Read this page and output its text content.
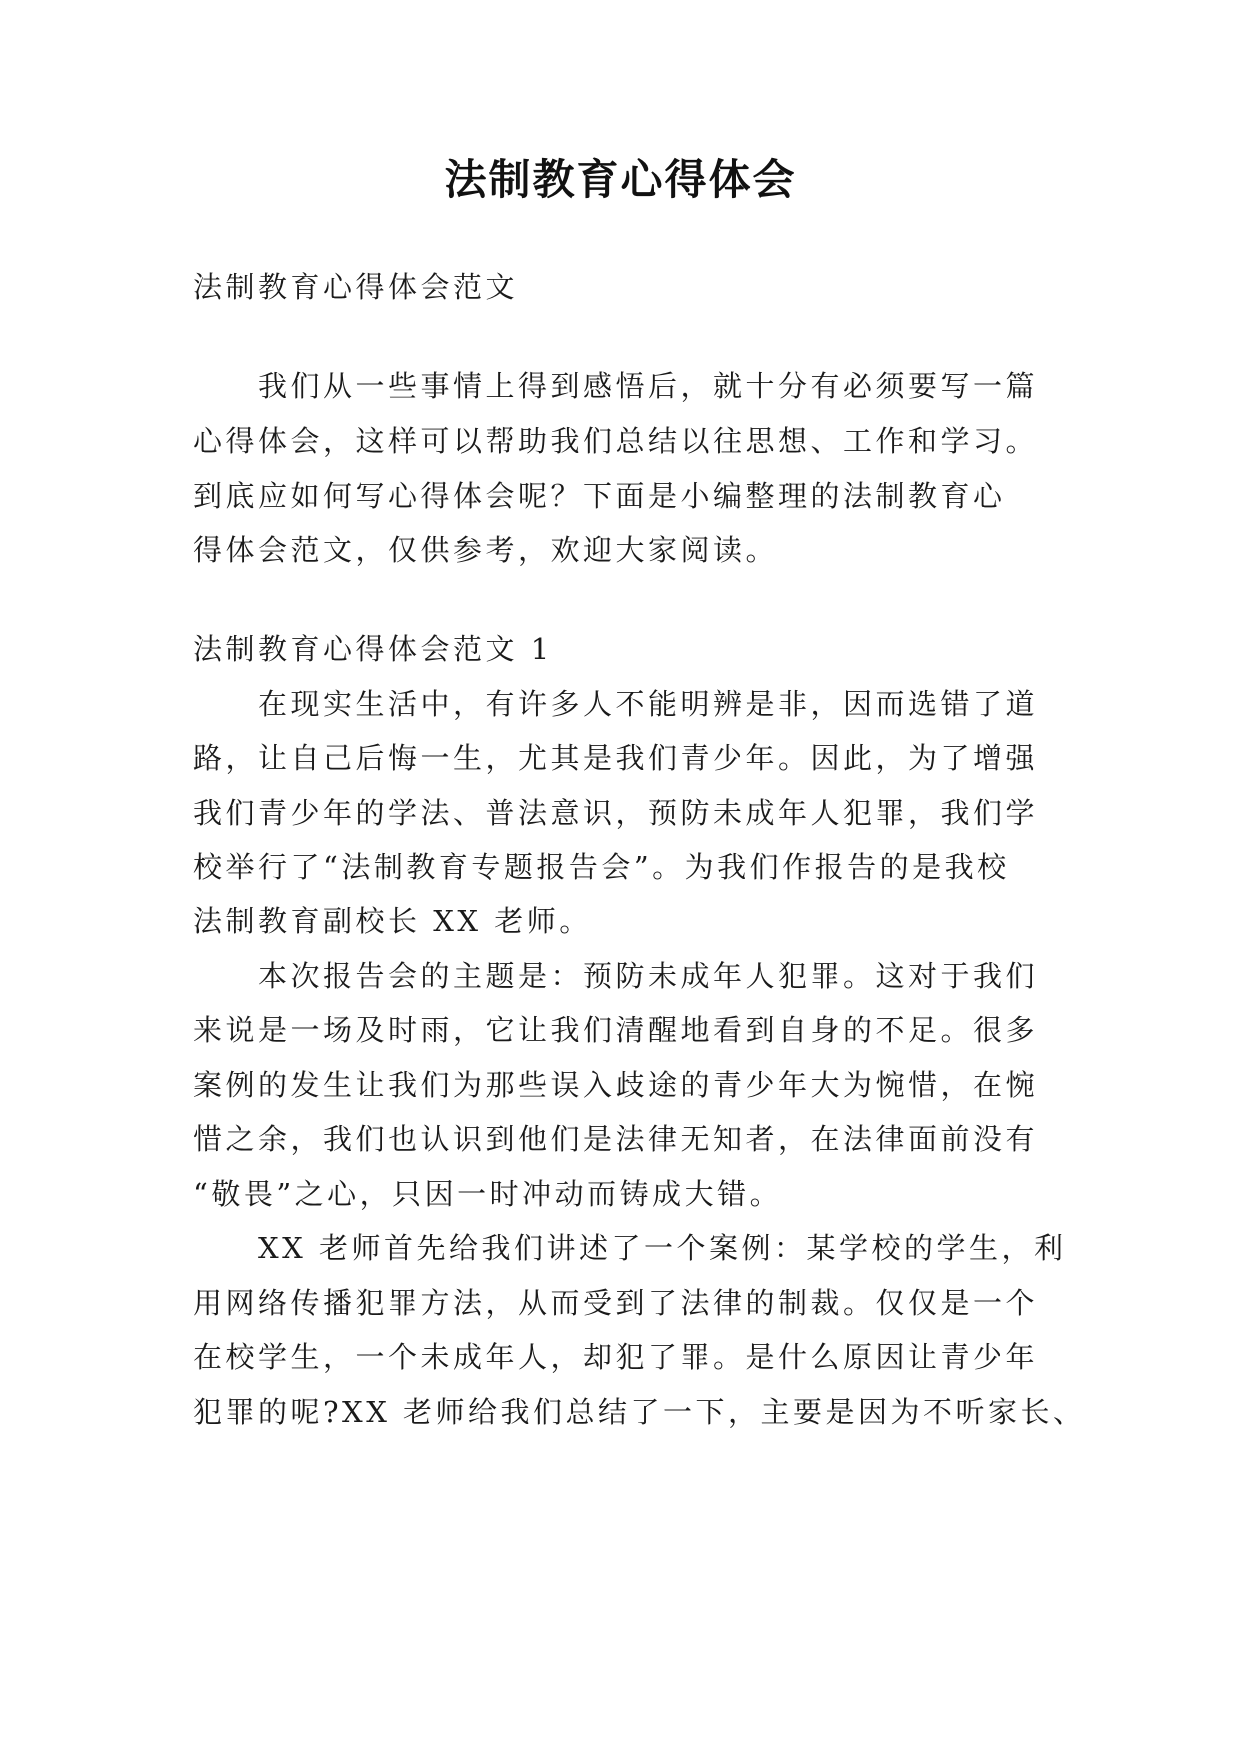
法制教育心得体会
法制教育心得体会范文
我们从一些事情上得到感悟后，就十分有必须要写一篇
心得体会，这样可以帮助我们总结以往思想、工作和学习。
到底应如何写心得体会呢？下面是小编整理的法制教育心
得体会范文，仅供参考，欢迎大家阅读。
法制教育心得体会范文 1
在现实生活中，有许多人不能明辨是非，因而选错了道
路，让自己后悔一生，尤其是我们青少年。因此，为了增强
我们青少年的学法、普法意识，预防未成年人犯罪，我们学
校举行了“法制教育专题报告会”。为我们作报告的是我校
法制教育副校长 XX 老师。
本次报告会的主题是：预防未成年人犯罪。这对于我们
来说是一场及时雨，它让我们清醒地看到自身的不足。很多
案例的发生让我们为那些误入歧途的青少年大为惋惜，在惋
惜之余，我们也认识到他们是法律无知者，在法律面前没有
“敬畏”之心，只因一时冲动而铸成大错。
XX 老师首先给我们讲述了一个案例：某学校的学生，利
用网络传播犯罪方法，从而受到了法律的制裁。仅仅是一个
在校学生，一个未成年人，却犯了罪。是什么原因让青少年
犯罪的呢?XX 老师给我们总结了一下，主要是因为不听家长、
